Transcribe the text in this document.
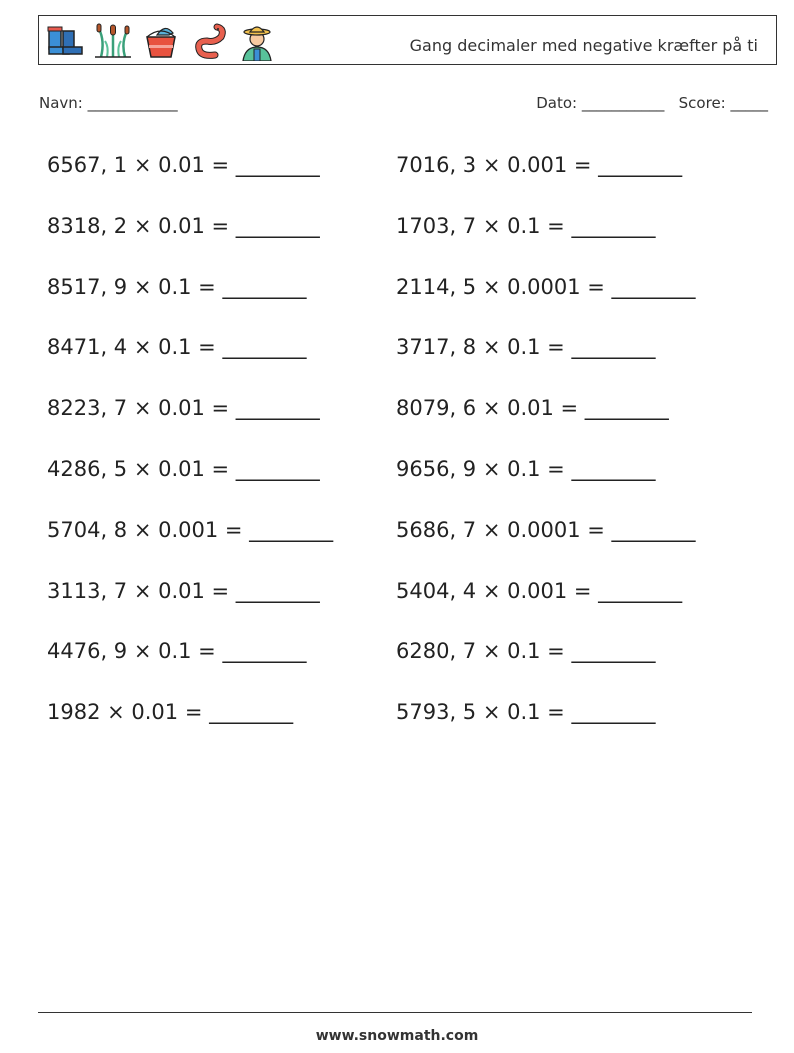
Gang decimaler med negative kræfter på ti
Navn: ____________	Dato: ___________ Score: _____
6567, 1 × 0.01 = ________	7016, 3 × 0.001 = ________
8318, 2 × 0.01 = ________	1703, 7 × 0.1 = ________
8517, 9 × 0.1 = ________	2114, 5 × 0.0001 = ________
8471, 4 × 0.1 = ________	3717, 8 × 0.1 = ________
8223, 7 × 0.01 = ________	8079, 6 × 0.01 = ________
4286, 5 × 0.01 = ________	9656, 9 × 0.1 = ________
5704, 8 × 0.001 = ________	5686, 7 × 0.0001 = ________
3113, 7 × 0.01 = ________	5404, 4 × 0.001 = ________
4476, 9 × 0.1 = ________	6280, 7 × 0.1 = ________
1982 × 0.01 = ________	5793, 5 × 0.1 = ________
www.snowmath.com
